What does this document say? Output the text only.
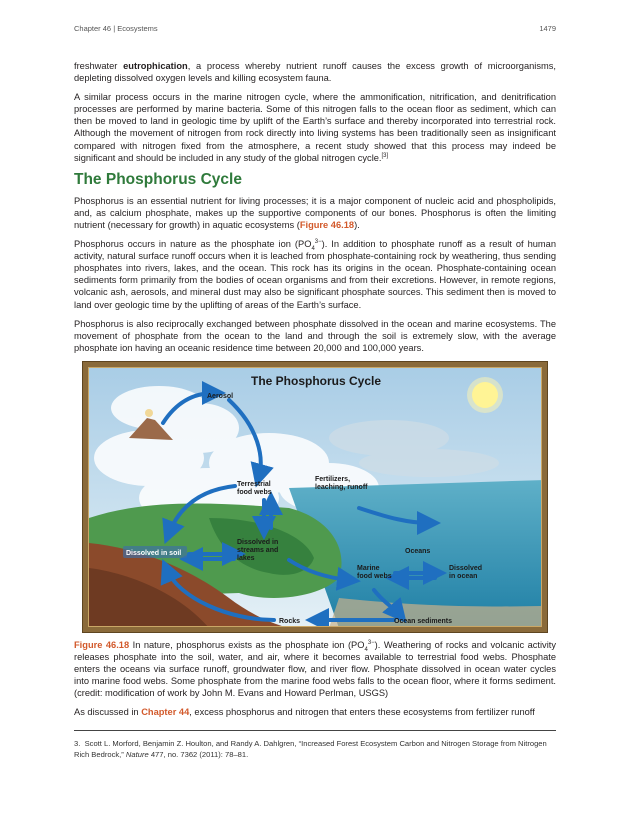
Chapter 46 | Ecosystems	1479

freshwater eutrophication, a process whereby nutrient runoff causes the excess growth of microorganisms, depleting dissolved oxygen levels and killing ecosystem fauna.

A similar process occurs in the marine nitrogen cycle, where the ammonification, nitrification, and denitrification processes are performed by marine bacteria. Some of this nitrogen falls to the ocean floor as sediment, which can then be moved to land in geologic time by uplift of the Earth’s surface and thereby incorporated into terrestrial rock. Although the movement of nitrogen from rock directly into living systems has been traditionally seen as insignificant compared with nitrogen fixed from the atmosphere, a recent study showed that this process may indeed be significant and should be included in any study of the global nitrogen cycle.[3]

The Phosphorus Cycle

Phosphorus is an essential nutrient for living processes; it is a major component of nucleic acid and phospholipids, and, as calcium phosphate, makes up the supportive components of our bones. Phosphorus is often the limiting nutrient (necessary for growth) in aquatic ecosystems (Figure 46.18).

Phosphorus occurs in nature as the phosphate ion $(PO_4^{3-})$. In addition to phosphate runoff as a result of human activity, natural surface runoff occurs when it is leached from phosphate-containing rock by weathering, thus sending phosphates into rivers, lakes, and the ocean. This rock has its origins in the ocean. Phosphate-containing ocean sediments form primarily from the bodies of ocean organisms and from their excretions. However, in remote regions, volcanic ash, aerosols, and mineral dust may also be significant phosphate sources. This sediment then is moved to land over geologic time by the uplifting of areas of the Earth’s surface.

Phosphorus is also reciprocally exchanged between phosphate dissolved in the ocean and marine ecosystems. The movement of phosphate from the ocean to the land and through the soil is extremely slow, with the average phosphate ion having an oceanic residence time between 20,000 and 100,000 years.

The Phosphorus Cycle
Aerosol
Terrestrial
food webs
Fertilizers,
leaching, runoff
Dissolved in
streams and
lakes
Dissolved in soil	Oceans
Marine
food webs
Dissolved
in ocean
Rocks	Ocean sediments

Figure 46.18 In nature, phosphorus exists as the phosphate ion $(PO_4^{3-})$. Weathering of rocks and volcanic activity releases phosphate into the soil, water, and air, where it becomes available to terrestrial food webs. Phosphate enters the oceans via surface runoff, groundwater flow, and river flow. Phosphate dissolved in ocean water cycles into marine food webs. Some phosphate from the marine food webs falls to the ocean floor, where it forms sediment. (credit: modification of work by John M. Evans and Howard Perlman, USGS)

As discussed in Chapter 44, excess phosphorus and nitrogen that enters these ecosystems from fertilizer runoff

3. Scott L. Morford, Benjamin Z. Houlton, and Randy A. Dahlgren, “Increased Forest Ecosystem Carbon and Nitrogen Storage from Nitrogen Rich Bedrock,” Nature 477, no. 7362 (2011): 78–81.
